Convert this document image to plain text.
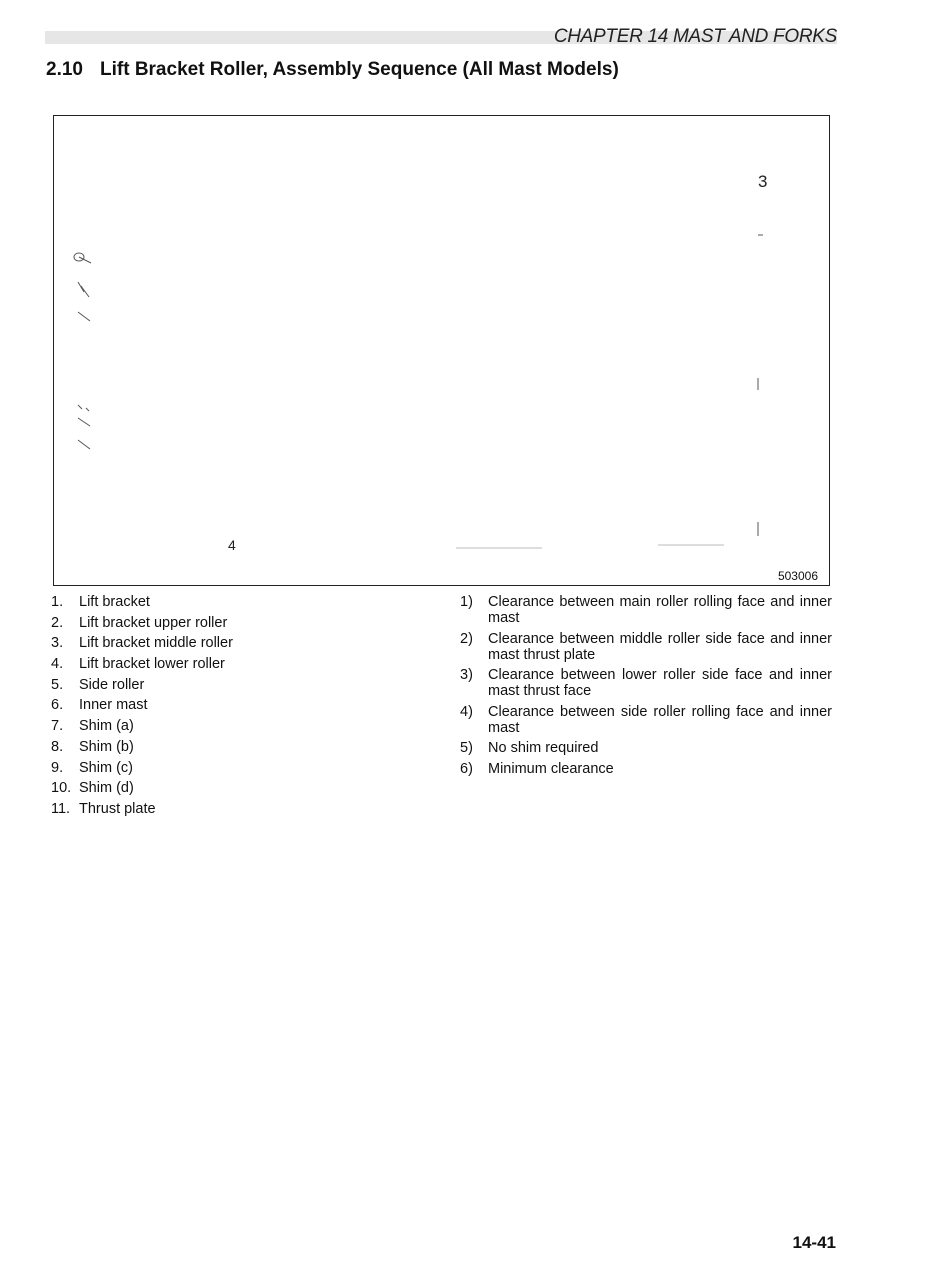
CHAPTER 14 MAST AND FORKS
2.10 Lift Bracket Roller, Assembly Sequence (All Mast Models)
3
4
503006
1.	Lift bracket
2.	Lift bracket upper roller
3.	Lift bracket middle roller
4.	Lift bracket lower roller
5.	Side roller
6.	Inner mast
7.	Shim (a)
8.	Shim (b)
9.	Shim (c)
10. Shim (d)
11. Thrust plate
1)	Clearance between main roller rolling face and inner mast
2)	Clearance between middle roller side face and inner mast thrust plate
3)	Clearance between lower roller side face and inner mast thrust face
4)	Clearance between side roller rolling face and inner mast
5)	No shim required
6)	Minimum clearance
14-41
